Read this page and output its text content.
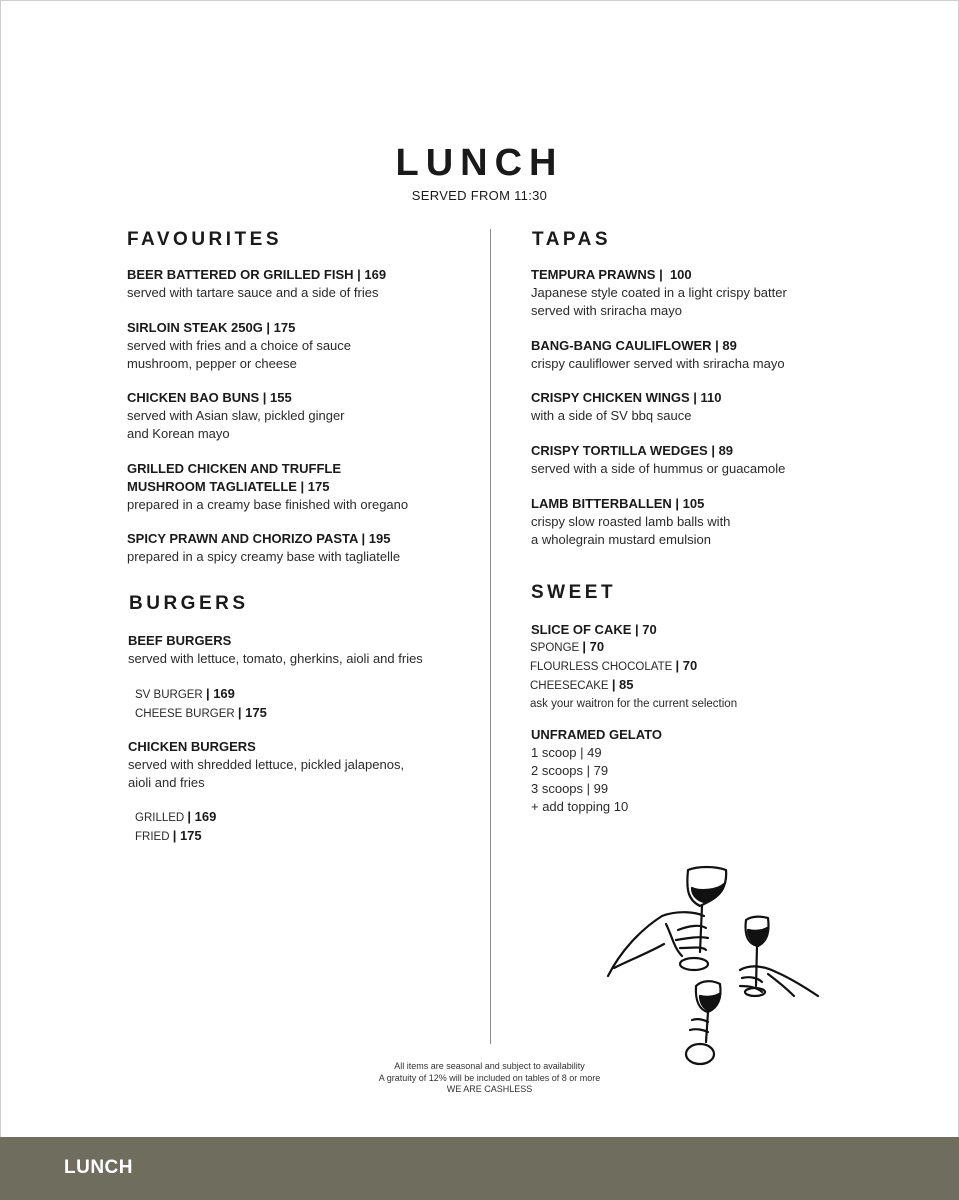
LUNCH
SERVED FROM 11:30
FAVOURITES
BEER BATTERED OR GRILLED FISH | 169
served with tartare sauce and a side of fries
SIRLOIN STEAK 250G | 175
served with fries and a choice of sauce
mushroom, pepper or cheese
CHICKEN BAO BUNS | 155
served with Asian slaw, pickled ginger
and Korean mayo
GRILLED CHICKEN AND TRUFFLE
MUSHROOM TAGLIATELLE | 175
prepared in a creamy base finished with oregano
SPICY PRAWN AND CHORIZO PASTA | 195
prepared in a spicy creamy base with tagliatelle
BURGERS
BEEF BURGERS
served with lettuce, tomato, gherkins, aioli and fries
SV BURGER | 169
CHEESE BURGER | 175
CHICKEN BURGERS
served with shredded lettuce, pickled jalapenos,
aioli and fries
GRILLED | 169
FRIED | 175
TAPAS
TEMPURA PRAWNS |  100
Japanese style coated in a light crispy batter
served with sriracha mayo
BANG-BANG CAULIFLOWER | 89
crispy cauliflower served with sriracha mayo
CRISPY CHICKEN WINGS | 110
with a side of SV bbq sauce
CRISPY TORTILLA WEDGES | 89
served with a side of hummus or guacamole
LAMB BITTERBALLEN | 105
crispy slow roasted lamb balls with
a wholegrain mustard emulsion
SWEET
SLICE OF CAKE | 70
SPONGE | 70
FLOURLESS CHOCOLATE | 70
CHEESECAKE | 85
ask your waitron for the current selection
UNFRAMED GELATO
1 scoop | 49
2 scoops | 79
3 scoops | 99
+ add topping 10
All items are seasonal and subject to availability
A gratuity of 12% will be included on tables of 8 or more
WE ARE CASHLESS
LUNCH
